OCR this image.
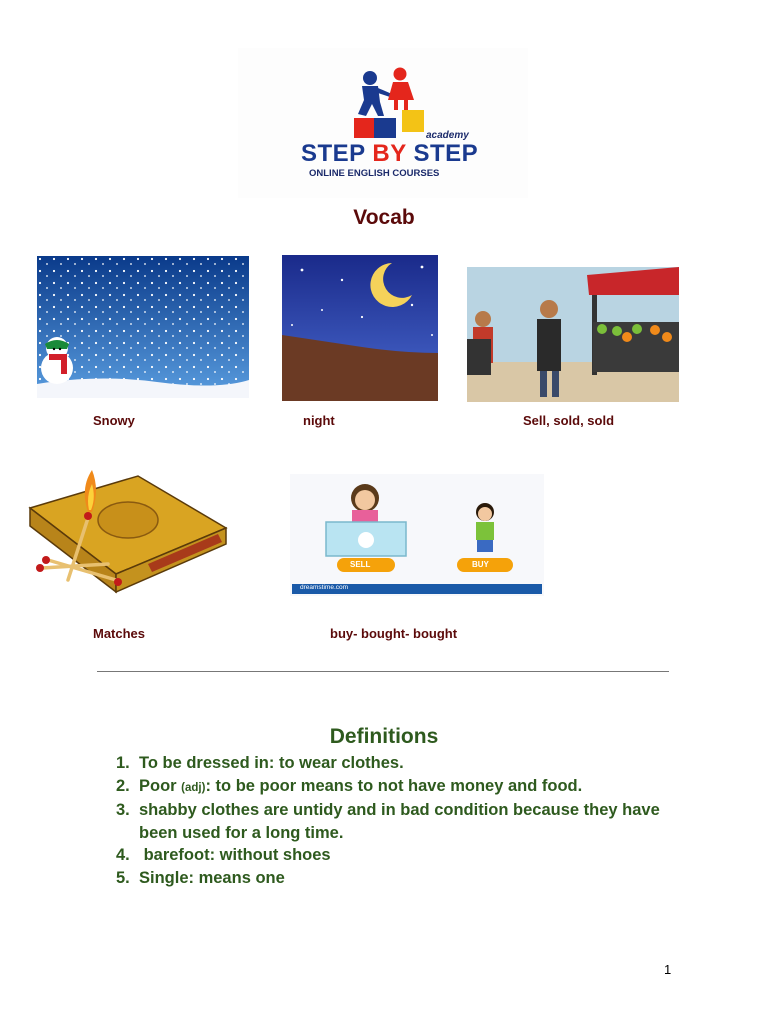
academy
STEP BY STEP
ONLINE ENGLISH COURSES
Vocab
Snowy	night	Sell, sold, sold
SELL	BUY
dreamstime.com
Matches	buy- bought- bought
Definitions
1. To be dressed in: to wear clothes.
2. Poor (adj): to be poor means to not have money and food.
3. shabby clothes are untidy and in bad condition because they have been used for a long time.
4. barefoot: without shoes
5. Single: means one
1
